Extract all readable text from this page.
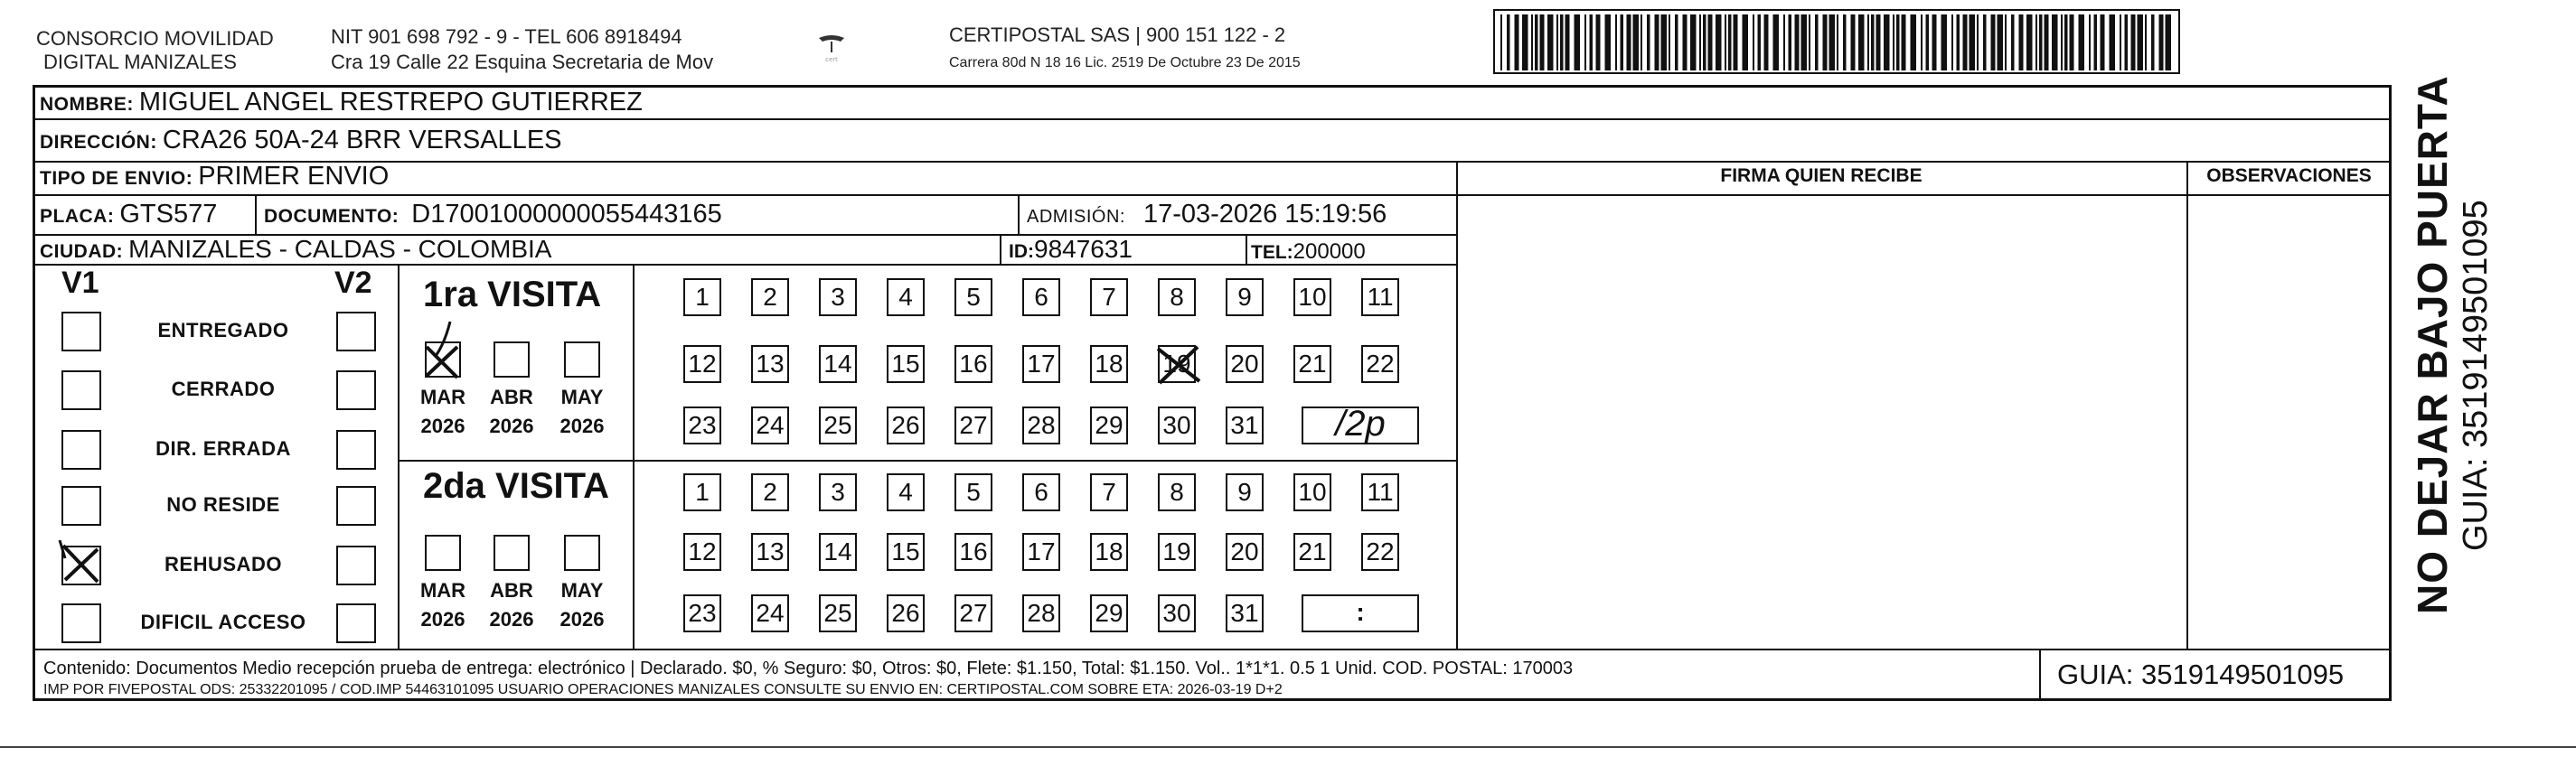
CONSORCIO MOVILIDAD
DIGITAL MANIZALES
NIT 901 698 792 - 9 - TEL 606 8918494
Cra 19 Calle 22 Esquina Secretaria de Mov	cert
CERTIPOSTAL SAS | 900 151 122 - 2
Carrera 80d N 18 16 Lic. 2519 De Octubre 23 De 2015
NOMBRE: MIGUEL ANGEL RESTREPO GUTIERREZ
DIRECCIÓN: CRA26 50A-24 BRR VERSALLES
TIPO DE ENVIO: PRIMER ENVIO
PLACA: GTS577 DOCUMENTO: D17001000000055443165	ADMISIÓN: 17-03-2026 15:19:56
CIUDAD: MANIZALES - CALDAS - COLOMBIA	ID:9847631	TEL:200000
FIRMA QUIEN RECIBE	OBSERVACIONES
V1	V2 1ra VISITA
MAR
2026
ABR
2026
MAY
2026
1	2	3	4	5	6	7	8	9	10 11
12 13 14 15 16 17 18 19 20 21 22
23 24 25 26 27 28 29 30 31	/2p
2da VISITA
MAR
2026
ABR
2026
MAY
2026
1	2	3	4	5	6	7	8	9	10 11
12 13 14 15 16 17 18 19 20 21 22
23 24 25 26 27 28 29 30 31	:
Contenido: Documentos Medio recepción prueba de entrega: electrónico | Declarado. $0, % Seguro: $0, Otros: $0, Flete: $1.150, Total: $1.150. Vol.. 1*1*1. 0.5 1 Unid. COD. POSTAL: 170003
IMP POR FIVEPOSTAL ODS: 25332201095 / COD.IMP 54463101095 USUARIO OPERACIONES MANIZALES CONSULTE SU ENVIO EN: CERTIPOSTAL.COM SOBRE ETA: 2026-03-19 D+2	GUIA: 3519149501095
NO DEJAR BAJO PUERTA GUIA: 3519149501095
ENTREGADO
CERRADO
DIR. ERRADA
NO RESIDE
REHUSADO
DIFICIL ACCESO
